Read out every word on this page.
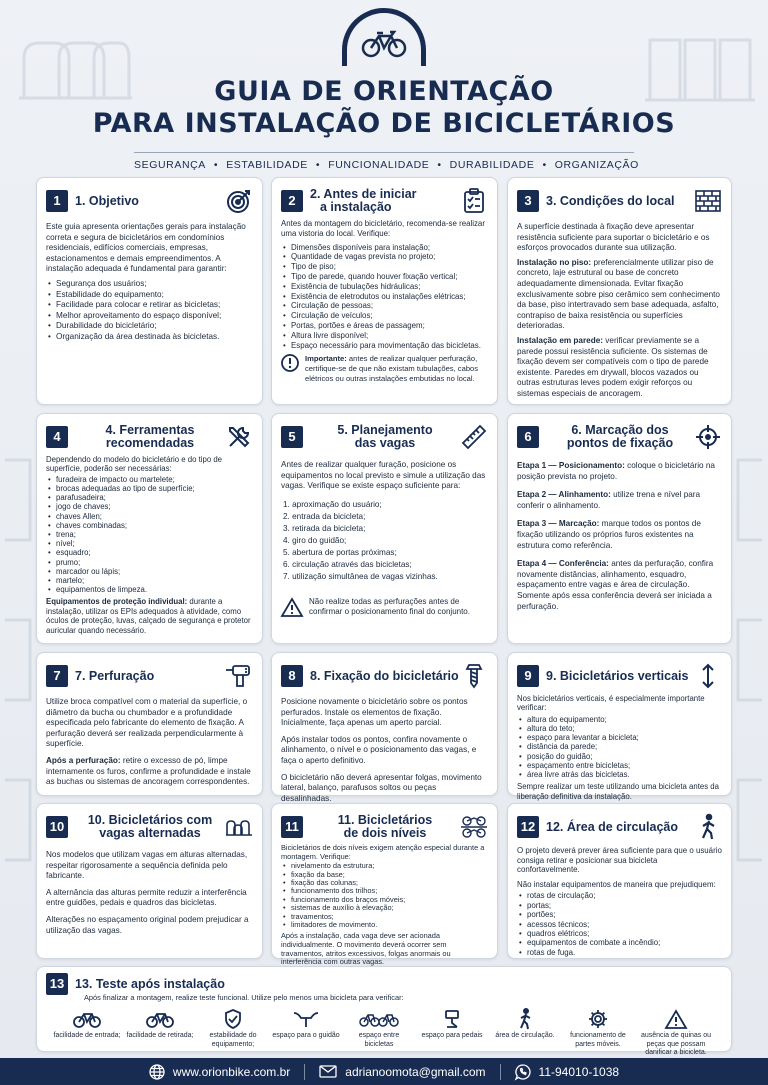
GUIA DE ORIENTAÇÃO
PARA INSTALAÇÃO DE BICICLETÁRIOS
SEGURANÇA • ESTABILIDADE • FUNCIONALIDADE • DURABILIDADE • ORGANIZAÇÃO
1	1. Objetivo

Este guia apresenta orientações gerais para instalação correta e segura de bicicletários em condomínios residenciais, edifícios comerciais, empresas, estacionamentos e demais empreendimentos. A instalação adequada é fundamental para garantir:

• Segurança dos usuários;
• Estabilidade do equipamento;
• Facilidade para colocar e retirar as bicicletas;
• Melhor aproveitamento do espaço disponível;
• Durabilidade do bicicletário;
• Organização da área destinada às bicicletas.
2	2. Antes de iniciar
a instalação

Antes da montagem do bicicletário, recomenda-se realizar uma vistoria do local. Verifique:

• Dimensões disponíveis para instalação;
• Quantidade de vagas prevista no projeto;
• Tipo de piso;
• Tipo de parede, quando houver fixação vertical;
• Existência de tubulações hidráulicas;
• Existência de eletrodutos ou instalações elétricas;
• Circulação de pessoas;
• Circulação de veículos;
• Portas, portões e áreas de passagem;
• Altura livre disponível;
• Espaço necessário para movimentação das bicicletas.
Importante: antes de realizar qualquer perfuração, certifique-se de que não existam tubulações, cabos elétricos ou outras instalações embutidas no local.
3	3. Condições do local

A superfície destinada à fixação deve apresentar resistência suficiente para suportar o bicicletário e os esforços provocados durante sua utilização.

Instalação no piso: preferencialmente utilizar piso de concreto, laje estrutural ou base de concreto adequadamente dimensionada. Evitar fixação exclusivamente sobre piso cerâmico sem conhecimento da base, piso intertravado sem base adequada, asfalto, contrapiso de baixa resistência ou superfícies deterioradas.

Instalação em parede: verificar previamente se a parede possui resistência suficiente. Os sistemas de fixação devem ser compatíveis com o tipo de parede existente. Paredes em drywall, blocos vazados ou outras estruturas leves podem exigir reforços ou sistemas especiais de ancoragem.

4	4. Ferramentas
recomendadas

Dependendo do modelo do bicicletário e do tipo de superfície, poderão ser necessárias:

• furadeira de impacto ou martelete;
• brocas adequadas ao tipo de superfície;
• parafusadeira;
• jogo de chaves;
• chaves Allen;
• chaves combinadas;
• trena;
• nível;
• esquadro;
• prumo;
• marcador ou lápis;
• martelo;
• equipamentos de limpeza.
Equipamentos de proteção individual: durante a instalação, utilizar os EPIs adequados à atividade, como óculos de proteção, luvas, calçado de segurança e protetor auricular quando necessário.
5	5. Planejamento
das vagas

Antes de realizar qualquer furação, posicione os equipamentos no local previsto e simule a utilização das vagas. Verifique se existe espaço suficiente para:

1. aproximação do usuário;
2. entrada da bicicleta;
3. retirada da bicicleta;
4. giro do guidão;
5. abertura de portas próximas;
6. circulação através das bicicletas;
7. utilização simultânea de vagas vizinhas.
Não realize todas as perfurações antes de confirmar o posicionamento final do conjunto.
6	6. Marcação dos
pontos de fixação

Etapa 1 — Posicionamento: coloque o bicicletário na posição prevista no projeto.

Etapa 2 — Alinhamento: utilize trena e nível para conferir o alinhamento.

Etapa 3 — Marcação: marque todos os pontos de fixação utilizando os próprios furos existentes na estrutura como referência.

Etapa 4 — Conferência: antes da perfuração, confira novamente distâncias, alinhamento, esquadro, espaçamento entre vagas e área de circulação. Somente após essa conferência deverá ser iniciada a perfuração.

7	7. Perfuração

Utilize broca compatível com o material da superfície, o diâmetro da bucha ou chumbador e a profundidade especificada pelo fabricante do elemento de fixação. A perfuração deverá ser realizada perpendicularmente à superfície.

Após a perfuração: retire o excesso de pó, limpe internamente os furos, confirme a profundidade e instale as buchas ou sistemas de ancoragem correspondentes.

8	8. Fixação do bicicletário

Posicione novamente o bicicletário sobre os pontos perfurados. Instale os elementos de fixação. Inicialmente, faça apenas um aperto parcial.

Após instalar todos os pontos, confira novamente o alinhamento, o nível e o posicionamento das vagas, e faça o aperto definitivo.

O bicicletário não deverá apresentar folgas, movimento lateral, balanço, parafusos soltos ou peças desalinhadas.

9	9. Bicicletários verticais

Nos bicicletários verticais, é especialmente importante verificar:

• altura do equipamento;
• altura do teto;
• espaço para levantar a bicicleta;
• distância da parede;
• posição do guidão;
• espaçamento entre bicicletas;
• área livre atrás das bicicletas.

Sempre realizar um teste utilizando uma bicicleta antes da liberação definitiva da instalação.

10	10. Bicicletários com
vagas alternadas

Nos modelos que utilizam vagas em alturas alternadas, respeitar rigorosamente a sequência definida pelo fabricante.

A alternância das alturas permite reduzir a interferência entre guidões, pedais e quadros das bicicletas.

Alterações no espaçamento original podem prejudicar a utilização das vagas.

11	11. Bicicletários
de dois níveis

Bicicletários de dois níveis exigem atenção especial durante a montagem. Verifique:

• nivelamento da estrutura;
• fixação da base;
• fixação das colunas;
• funcionamento dos trilhos;
• funcionamento dos braços móveis;
• sistemas de auxílio à elevação;
• travamentos;
• limitadores de movimento.

Após a instalação, cada vaga deve ser acionada individualmente. O movimento deverá ocorrer sem travamentos, atritos excessivos, folgas anormais ou interferência com outras vagas.

12 12. Área de circulação

O projeto deverá prever área suficiente para que o usuário consiga retirar e posicionar sua bicicleta confortavelmente.

Não instalar equipamentos de maneira que prejudiquem:

• rotas de circulação;
• portas;
• portões;
• acessos técnicos;
• quadros elétricos;
• equipamentos de combate a incêndio;
• rotas de fuga.
13 13. Teste após instalação
Após finalizar a montagem, realize teste funcional. Utilize pelo menos uma bicicleta para verificar:
facilidade de entrada; facilidade de retirada;	estabilidade do equipamento;
espaço para o guidão	espaço entre bicicletas
espaço para pedais	área de circulação.	funcionamento de partes móveis.
ausência de quinas ou peças que possam danificar a bicicleta.
www.orionbike.com.br	adrianoomota@gmail.com	11-94010-1038
